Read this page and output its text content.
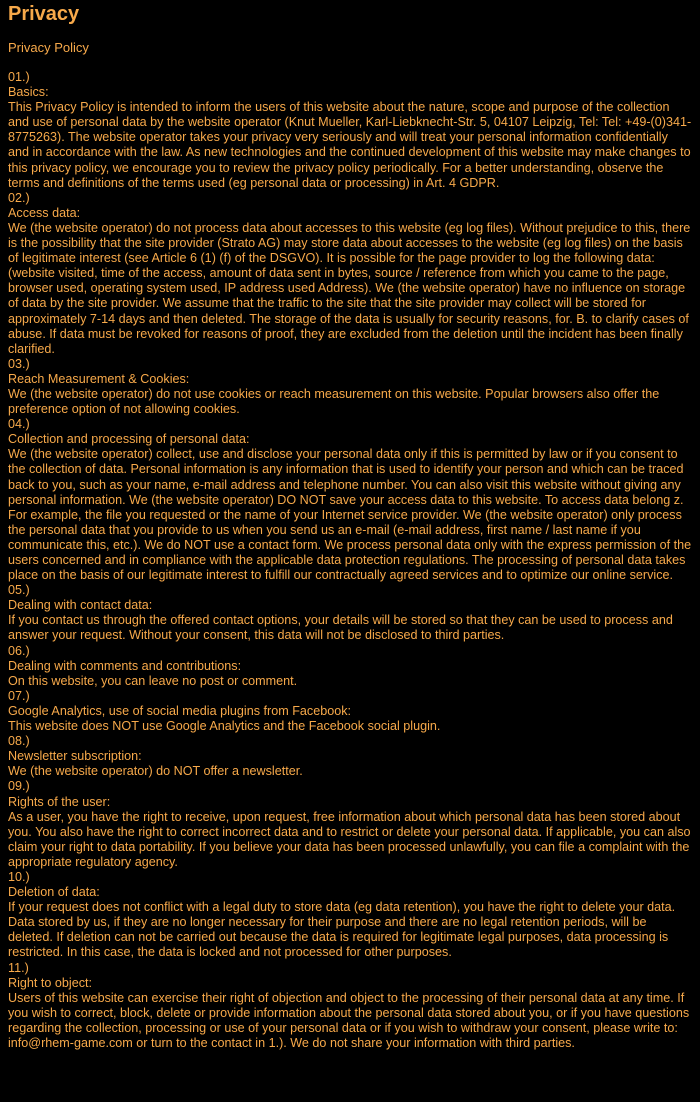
Privacy
Privacy Policy
01.)
Basics:
This Privacy Policy is intended to inform the users of this website about the nature, scope and purpose of the collection and use of personal data by the website operator (Knut Mueller, Karl-Liebknecht-Str. 5, 04107 Leipzig, Tel: Tel: +49-(0)341-8775263). The website operator takes your privacy very seriously and will treat your personal information confidentially and in accordance with the law. As new technologies and the continued development of this website may make changes to this privacy policy, we encourage you to review the privacy policy periodically. For a better understanding, observe the terms and definitions of the terms used (eg personal data or processing) in Art. 4 GDPR.
02.)
Access data:
We (the website operator) do not process data about accesses to this website (eg log files). Without prejudice to this, there is the possibility that the site provider (Strato AG) may store data about accesses to the website (eg log files) on the basis of legitimate interest (see Article 6 (1) (f) of the DSGVO). It is possible for the page provider to log the following data: (website visited, time of the access, amount of data sent in bytes, source / reference from which you came to the page, browser used, operating system used, IP address used Address). We (the website operator) have no influence on storage of data by the site provider. We assume that the traffic to the site that the site provider may collect will be stored for approximately 7-14 days and then deleted. The storage of the data is usually for security reasons, for. B. to clarify cases of abuse. If data must be revoked for reasons of proof, they are excluded from the deletion until the incident has been finally clarified.
03.)
Reach Measurement & Cookies:
We (the website operator) do not use cookies or reach measurement on this website. Popular browsers also offer the preference option of not allowing cookies.
04.)
Collection and processing of personal data:
We (the website operator) collect, use and disclose your personal data only if this is permitted by law or if you consent to the collection of data. Personal information is any information that is used to identify your person and which can be traced back to you, such as your name, e-mail address and telephone number. You can also visit this website without giving any personal information. We (the website operator) DO NOT save your access data to this website. To access data belong z. For example, the file you requested or the name of your Internet service provider. We (the website operator) only process the personal data that you provide to us when you send us an e-mail (e-mail address, first name / last name if you communicate this, etc.). We do NOT use a contact form. We process personal data only with the express permission of the users concerned and in compliance with the applicable data protection regulations. The processing of personal data takes place on the basis of our legitimate interest to fulfill our contractually agreed services and to optimize our online service.
05.)
Dealing with contact data:
If you contact us through the offered contact options, your details will be stored so that they can be used to process and answer your request. Without your consent, this data will not be disclosed to third parties.
06.)
Dealing with comments and contributions:
On this website, you can leave no post or comment.
07.)
Google Analytics, use of social media plugins from Facebook:
This website does NOT use Google Analytics and the Facebook social plugin.
08.)
Newsletter subscription:
We (the website operator) do NOT offer a newsletter.
09.)
Rights of the user:
As a user, you have the right to receive, upon request, free information about which personal data has been stored about you. You also have the right to correct incorrect data and to restrict or delete your personal data. If applicable, you can also claim your right to data portability. If you believe your data has been processed unlawfully, you can file a complaint with the appropriate regulatory agency.
10.)
Deletion of data:
If your request does not conflict with a legal duty to store data (eg data retention), you have the right to delete your data. Data stored by us, if they are no longer necessary for their purpose and there are no legal retention periods, will be deleted. If deletion can not be carried out because the data is required for legitimate legal purposes, data processing is restricted. In this case, the data is locked and not processed for other purposes.
11.)
Right to object:
Users of this website can exercise their right of objection and object to the processing of their personal data at any time. If you wish to correct, block, delete or provide information about the personal data stored about you, or if you have questions regarding the collection, processing or use of your personal data or if you wish to withdraw your consent, please write to: info@rhem-game.com or turn to the contact in 1.). We do not share your information with third parties.
